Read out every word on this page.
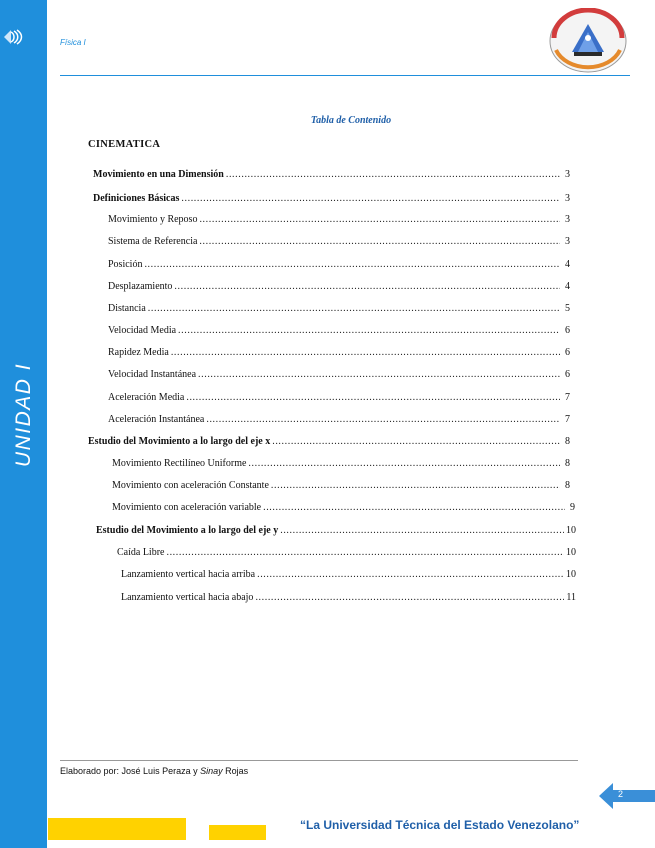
UNIDAD I
Física I
Tabla de Contenido
CINEMATICA
Movimiento en una Dimensión .....	3
Definiciones Básicas .....	3
Movimiento y Reposo .....	3
Sistema de Referencia .....	3
Posición .....	4
Desplazamiento .....	4
Distancia .....	5
Velocidad Media .....	6
Rapidez Media .....	6
Velocidad Instantánea .....	6
Aceleración Media .....	7
Aceleración Instantánea .....	7
Estudio del Movimiento a lo largo del eje x .....	8
Movimiento Rectilíneo Uniforme .....	8
Movimiento con aceleración Constante .....	8
Movimiento con aceleración variable .....	9
Estudio del Movimiento a lo largo del eje y .....	10
Caída Libre .....	10
Lanzamiento vertical hacia arriba .....	10
Lanzamiento vertical hacia abajo .....	11
Elaborado por: José Luis Peraza y Sinay Rojas
2
“La Universidad Técnica del Estado Venezolano”
